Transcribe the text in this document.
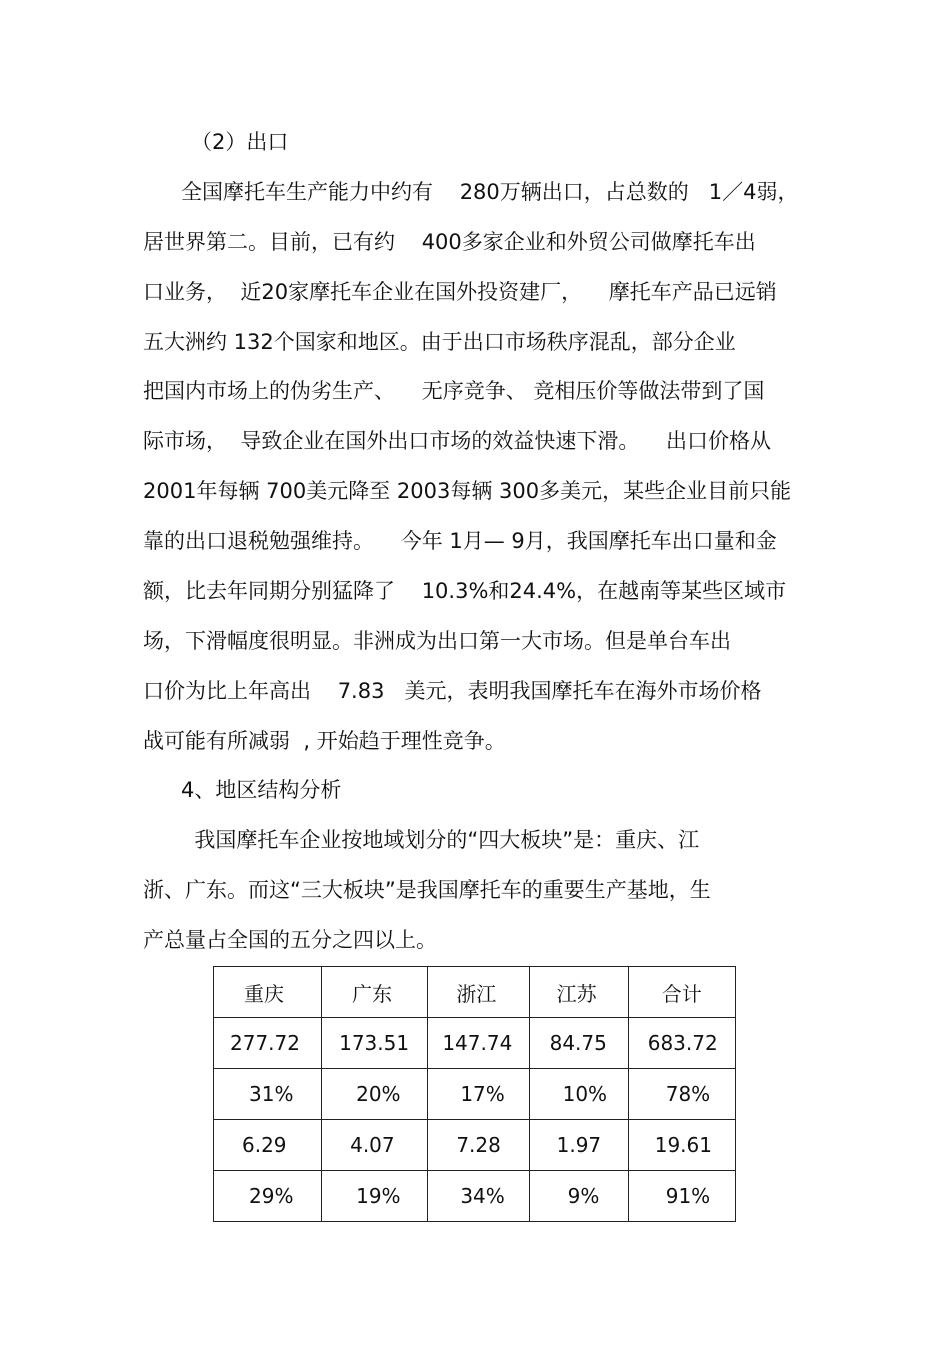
（2）出口
全国摩托车生产能力中约有    280万辆出口，占总数的   1／4弱，
居世界第二。目前，已有约    400多家企业和外贸公司做摩托车出
口业务，  近20家摩托车企业在国外投资建厂，    摩托车产品已远销
五大洲约 132个国家和地区。由于出口市场秩序混乱，部分企业
把国内市场上的伪劣生产、    无序竞争、 竞相压价等做法带到了国
际市场，  导致企业在国外出口市场的效益快速下滑。    出口价格从
2001年每辆 700美元降至 2003每辆 300多美元，某些企业目前只能
靠的出口退税勉强维持。    今年 1月— 9月，我国摩托车出口量和金
额，比去年同期分别猛降了    10.3%和24.4%，在越南等某些区域市
场，下滑幅度很明显。非洲成为出口第一大市场。但是单台车出
口价为比上年高出    7.83   美元，表明我国摩托车在海外市场价格
战可能有所减弱  , 开始趋于理性竞争。
4、地区结构分析
我国摩托车企业按地域划分的“四大板块”是：重庆、江
浙、广东。而这“三大板块”是我国摩托车的重要生产基地，生
产总量占全国的五分之四以上。
重庆	广东	浙江	江苏	合计

277.72	173.51	147.74	84.75	683.72

31%	20%	17%	10%	78%

6.29	4.07	7.28	1.97	19.61

29%	19%	34%	9%	91%
